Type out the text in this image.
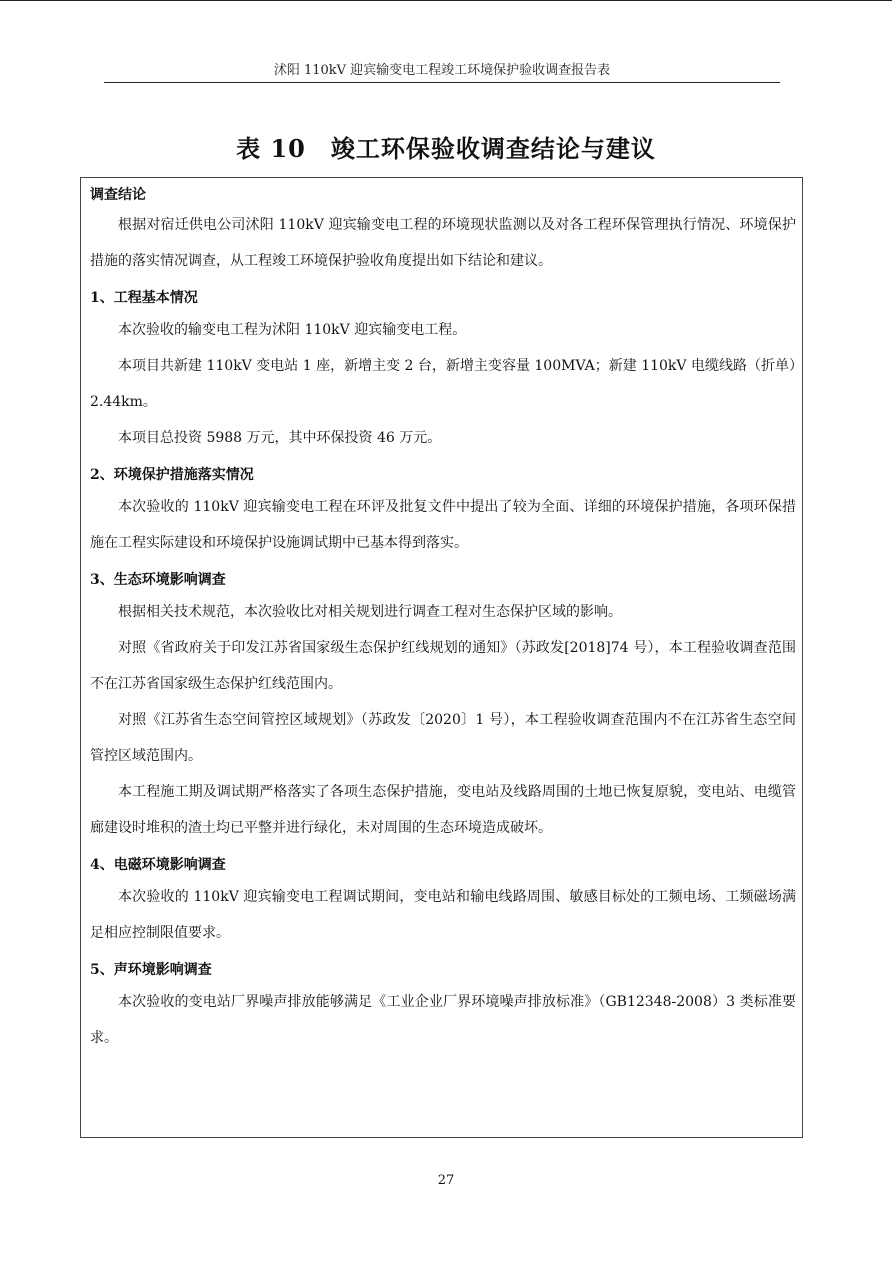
沭阳 110kV 迎宾输变电工程竣工环境保护验收调查报告表
表 10　竣工环保验收调查结论与建议
调查结论

根据对宿迁供电公司沭阳 110kV 迎宾输变电工程的环境现状监测以及对各工程环保管理执行情况、环境保护措施的落实情况调查，从工程竣工环境保护验收角度提出如下结论和建议。

1、工程基本情况

本次验收的输变电工程为沭阳 110kV 迎宾输变电工程。

本项目共新建 110kV 变电站 1 座，新增主变 2 台，新增主变容量 100MVA；新建 110kV 电缆线路（折单）2.44km。

本项目总投资 5988 万元，其中环保投资 46 万元。

2、环境保护措施落实情况

本次验收的 110kV 迎宾输变电工程在环评及批复文件中提出了较为全面、详细的环境保护措施，各项环保措施在工程实际建设和环境保护设施调试期中已基本得到落实。

3、生态环境影响调查

根据相关技术规范，本次验收比对相关规划进行调查工程对生态保护区域的影响。

对照《省政府关于印发江苏省国家级生态保护红线规划的通知》（苏政发[2018]74 号），本工程验收调查范围不在江苏省国家级生态保护红线范围内。

对照《江苏省生态空间管控区域规划》（苏政发〔2020〕1 号），本工程验收调查范围内不在江苏省生态空间管控区域范围内。

本工程施工期及调试期严格落实了各项生态保护措施，变电站及线路周围的土地已恢复原貌，变电站、电缆管廊建设时堆积的渣土均已平整并进行绿化，未对周围的生态环境造成破坏。

4、电磁环境影响调查

本次验收的 110kV 迎宾输变电工程调试期间，变电站和输电线路周围、敏感目标处的工频电场、工频磁场满足相应控制限值要求。

5、声环境影响调查

本次验收的变电站厂界噪声排放能够满足《工业企业厂界环境噪声排放标准》（GB12348-2008）3 类标准要求。

27
